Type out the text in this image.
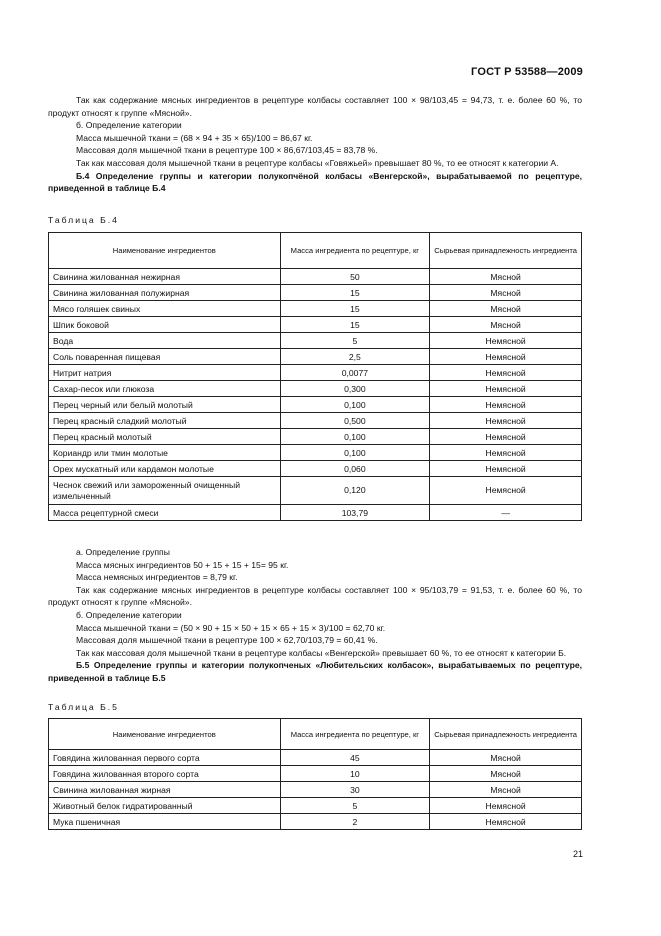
ГОСТ Р 53588—2009
Так как содержание мясных ингредиентов в рецептуре колбасы составляет 100 × 98/103,45 = 94,73, т. е. более 60 %, то продукт относят к группе «Мясной».
б. Определение категории
Масса мышечной ткани = (68 × 94 + 35 × 65)/100 = 86,67 кг.
Массовая доля мышечной ткани в рецептуре 100 × 86,67/103,45 = 83,78 %.
Так как массовая доля мышечной ткани в рецептуре колбасы «Говяжьей» превышает 80 %, то ее относят к категории А.
Б.4 Определение группы и категории полукопчёной колбасы «Венгерской», вырабатываемой по рецептуре, приведенной в таблице Б.4
Таблица Б.4
Наименование ингредиентов	Масса ингредиента по рецептуре, кг	Сырьевая принадлежность ингредиента
Свинина жилованная нежирная	50	Мясной
Свинина жилованная полужирная	15	Мясной
Мясо голяшек свиных	15	Мясной
Шпик боковой	15	Мясной
Вода	5	Немясной
Соль поваренная пищевая	2,5	Немясной
Нитрит натрия	0,0077	Немясной
Сахар-песок или глюкоза	0,300	Немясной
Перец черный или белый молотый	0,100	Немясной
Перец красный сладкий молотый	0,500	Немясной
Перец красный молотый	0,100	Немясной
Кориандр или тмин молотые	0,100	Немясной
Орех мускатный или кардамон молотые	0,060	Немясной
Чеснок свежий или замороженный очищенный измельченный	0,120	Немясной
Масса рецептурной смеси	103,79	—
а. Определение группы
Масса мясных ингредиентов 50 + 15 + 15 + 15= 95 кг.
Масса немясных ингредиентов = 8,79 кг.
Так как содержание мясных ингредиентов в рецептуре колбасы составляет 100 × 95/103,79 = 91,53, т. е. более 60 %, то продукт относят к группе «Мясной».
б. Определение категории
Масса мышечной ткани = (50 × 90 + 15 × 50 + 15 × 65 + 15 × 3)/100 = 62,70 кг.
Массовая доля мышечной ткани в рецептуре 100 × 62,70/103,79 = 60,41 %.
Так как массовая доля мышечной ткани в рецептуре колбасы «Венгерской» превышает 60 %, то ее относят к категории Б.
Б.5 Определение группы и категории полукопченых «Любительских колбасок», вырабатываемых по рецептуре, приведенной в таблице Б.5
Таблица Б.5
Наименование ингредиентов	Масса ингредиента по рецептуре, кг	Сырьевая принадлежность ингредиента
Говядина жилованная первого сорта	45	Мясной
Говядина жилованная второго сорта	10	Мясной
Свинина жилованная жирная	30	Мясной
Животный белок гидратированный	5	Немясной
Мука пшеничная	2	Немясной
21
